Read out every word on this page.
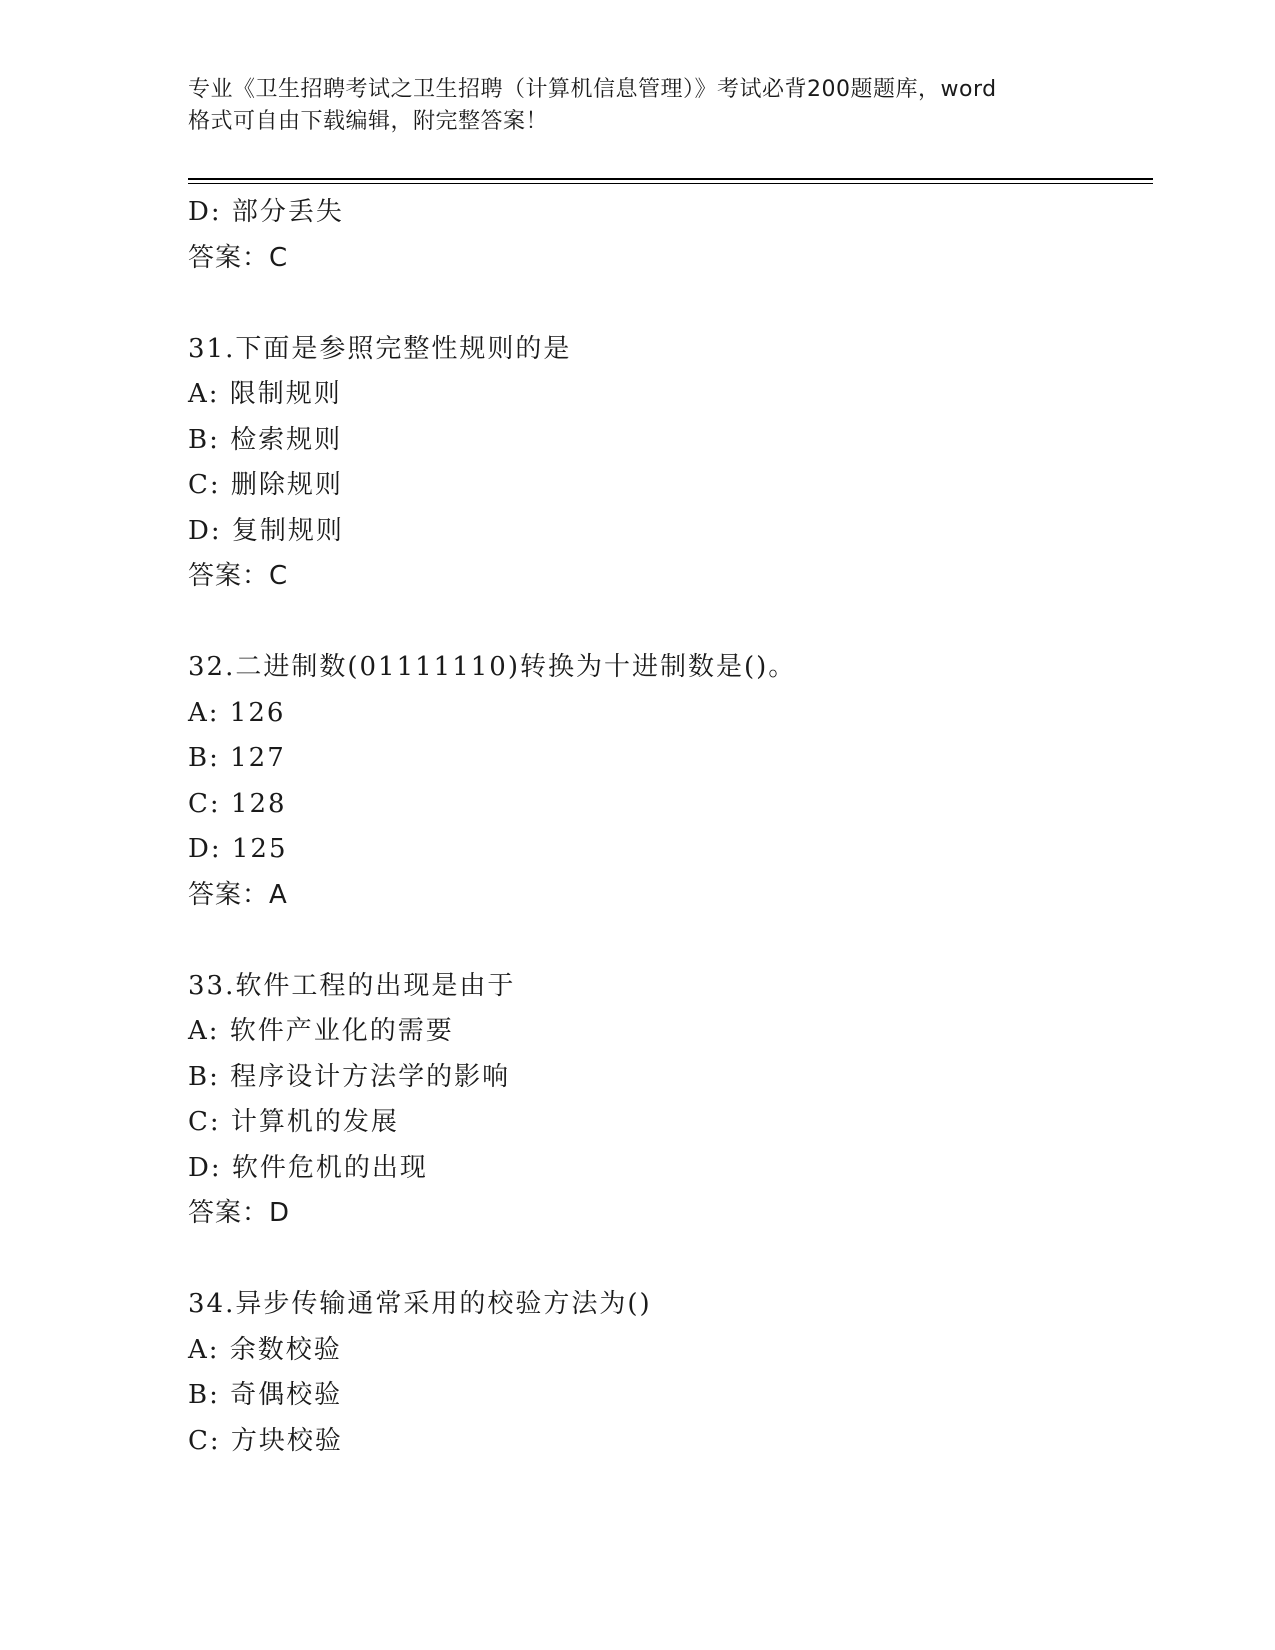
专业《卫生招聘考试之卫生招聘（计算机信息管理）》考试必背200题题库，word
格式可自由下载编辑，附完整答案！
D: 部分丢失
答案：C
31.下面是参照完整性规则的是
A: 限制规则
B: 检索规则
C: 删除规则
D: 复制规则
答案：C
32.二进制数(01111110)转换为十进制数是()。
A: 126
B: 127
C: 128
D: 125
答案：A
33.软件工程的出现是由于
A: 软件产业化的需要
B: 程序设计方法学的影响
C: 计算机的发展
D: 软件危机的出现
答案：D
34.异步传输通常采用的校验方法为()
A: 余数校验
B: 奇偶校验
C: 方块校验
